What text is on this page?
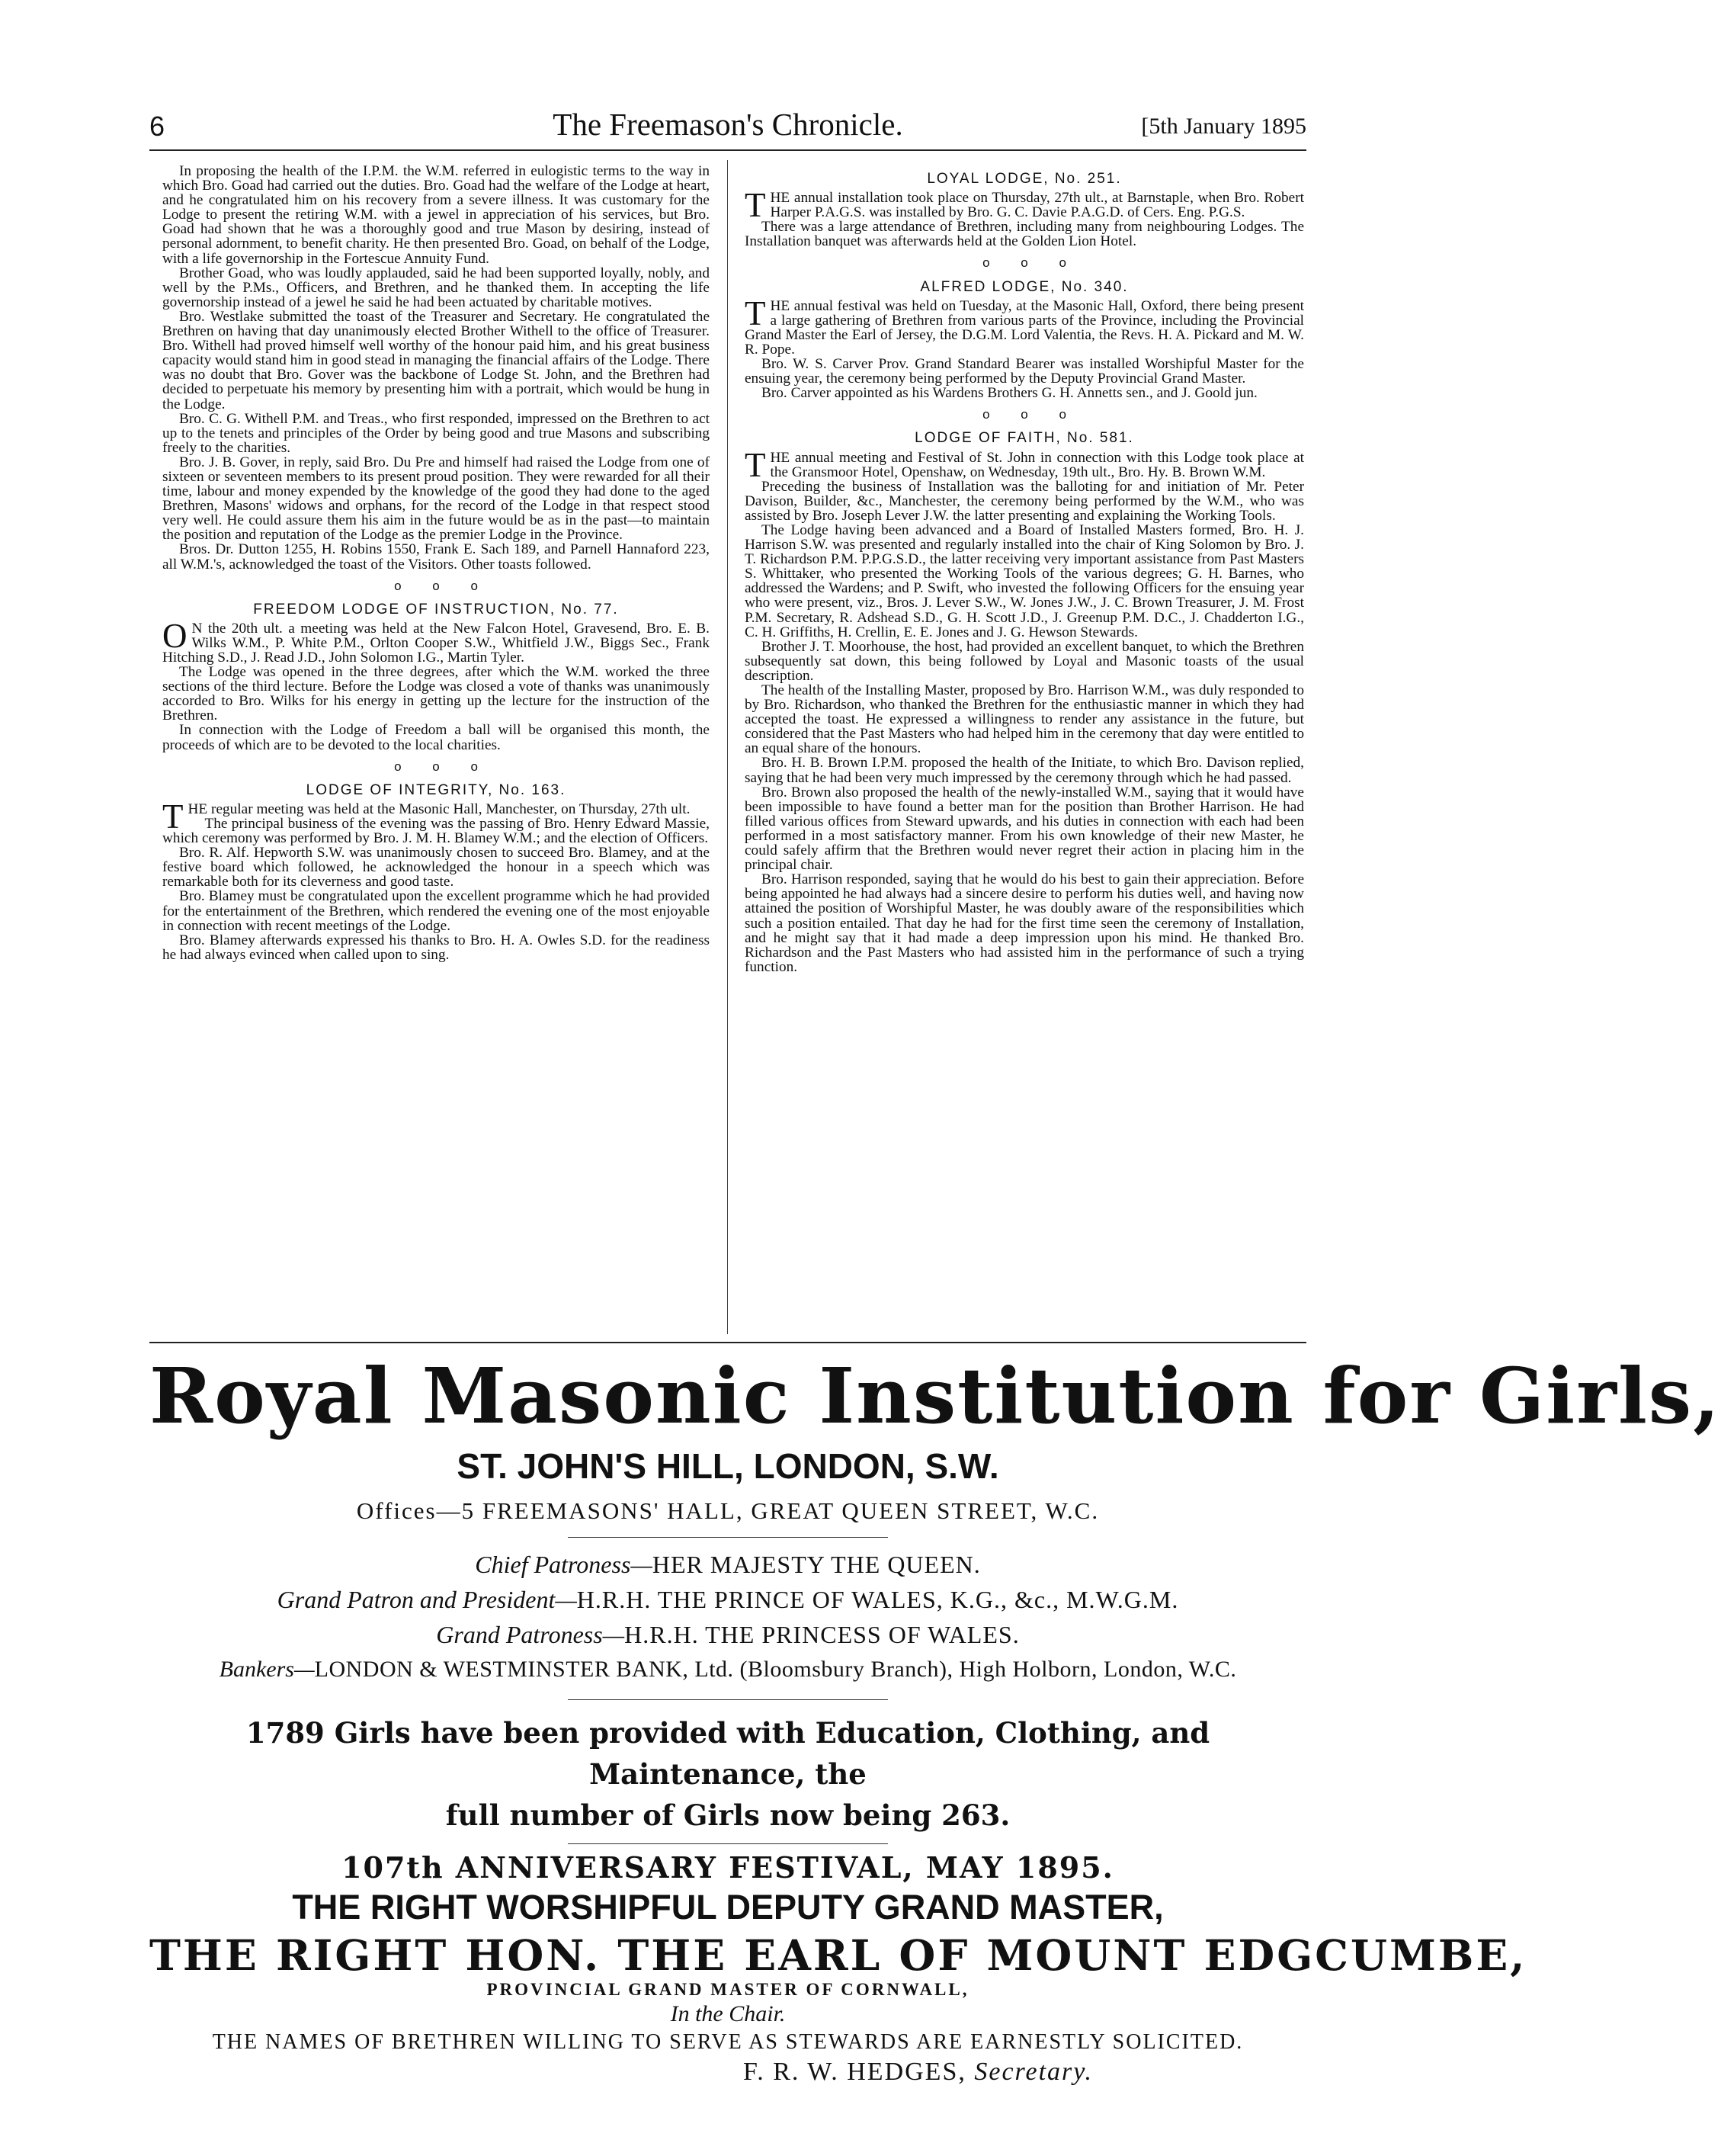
6	The Freemason's Chronicle.	[5th January 1895

In proposing the health of the I.P.M. the W.M. referred in eulogistic terms to the way in which Bro. Goad had carried out the duties. Bro. Goad had the welfare of the Lodge at heart, and he congratulated him on his recovery from a severe illness. It was customary for the Lodge to present the retiring W.M. with a jewel in appreciation of his services, but Bro. Goad had shown that he was a thoroughly good and true Mason by desiring, instead of personal adornment, to benefit charity. He then presented Bro. Goad, on behalf of the Lodge, with a life governorship in the Fortescue Annuity Fund.

Brother Goad, who was loudly applauded, said he had been supported loyally, nobly, and well by the P.Ms., Officers, and Brethren, and he thanked them. In accepting the life governorship instead of a jewel he said he had been actuated by charitable motives.

Bro. Westlake submitted the toast of the Treasurer and Secretary. He congratulated the Brethren on having that day unanimously elected Brother Withell to the office of Treasurer. Bro. Withell had proved himself well worthy of the honour paid him, and his great business capacity would stand him in good stead in managing the financial affairs of the Lodge. There was no doubt that Bro. Gover was the backbone of Lodge St. John, and the Brethren had decided to perpetuate his memory by presenting him with a portrait, which would be hung in the Lodge.

Bro. C. G. Withell P.M. and Treas., who first responded, impressed on the Brethren to act up to the tenets and principles of the Order by being good and true Masons and subscribing freely to the charities.

Bro. J. B. Gover, in reply, said Bro. Du Pre and himself had raised the Lodge from one of sixteen or seventeen members to its present proud position. They were rewarded for all their time, labour and money expended by the knowledge of the good they had done to the aged Brethren, Masons' widows and orphans, for the record of the Lodge in that respect stood very well. He could assure them his aim in the future would be as in the past—to maintain the position and reputation of the Lodge as the premier Lodge in the Province.

Bros. Dr. Dutton 1255, H. Robins 1550, Frank E. Sach 189, and Parnell Hannaford 223, all W.M.'s, acknowledged the toast of the Visitors. Other toasts followed.

o o o
FREEDOM LODGE OF INSTRUCTION, No. 77.

ON the 20th ult. a meeting was held at the New Falcon Hotel, Gravesend, Bro. E. B. Wilks W.M., P. White P.M., Orlton Cooper S.W., Whitfield J.W., Biggs Sec., Frank Hitching S.D., J. Read J.D., John Solomon I.G., Martin Tyler.

The Lodge was opened in the three degrees, after which the W.M. worked the three sections of the third lecture. Before the Lodge was closed a vote of thanks was unanimously accorded to Bro. Wilks for his energy in getting up the lecture for the instruction of the Brethren.

In connection with the Lodge of Freedom a ball will be organised this month, the proceeds of which are to be devoted to the local charities.

o o o
LODGE OF INTEGRITY, No. 163.

THE regular meeting was held at the Masonic Hall, Manchester, on Thursday, 27th ult.

The principal business of the evening was the passing of Bro. Henry Edward Massie, which ceremony was performed by Bro. J. M. H. Blamey W.M.; and the election of Officers.

Bro. R. Alf. Hepworth S.W. was unanimously chosen to succeed Bro. Blamey, and at the festive board which followed, he acknowledged the honour in a speech which was remarkable both for its cleverness and good taste.

Bro. Blamey must be congratulated upon the excellent programme which he had provided for the entertainment of the Brethren, which rendered the evening one of the most enjoyable in connection with recent meetings of the Lodge.

Bro. Blamey afterwards expressed his thanks to Bro. H. A. Owles S.D. for the readiness he had always evinced when called upon to sing.

LOYAL LODGE, No. 251.

THE annual installation took place on Thursday, 27th ult., at Barnstaple, when Bro. Robert Harper P.A.G.S. was installed by Bro. G. C. Davie P.A.G.D. of Cers. Eng. P.G.S.

There was a large attendance of Brethren, including many from neighbouring Lodges. The Installation banquet was afterwards held at the Golden Lion Hotel.

o o o
ALFRED LODGE, No. 340.

THE annual festival was held on Tuesday, at the Masonic Hall, Oxford, there being present a large gathering of Brethren from various parts of the Province, including the Provincial Grand Master the Earl of Jersey, the D.G.M. Lord Valentia, the Revs. H. A. Pickard and M. W. R. Pope.

Bro. W. S. Carver Prov. Grand Standard Bearer was installed Worshipful Master for the ensuing year, the ceremony being performed by the Deputy Provincial Grand Master.

Bro. Carver appointed as his Wardens Brothers G. H. Annetts sen., and J. Goold jun.

o o o
LODGE OF FAITH, No. 581.

THE annual meeting and Festival of St. John in connection with this Lodge took place at the Gransmoor Hotel, Openshaw, on Wednesday, 19th ult., Bro. Hy. B. Brown W.M.

Preceding the business of Installation was the balloting for and initiation of Mr. Peter Davison, Builder, &c., Manchester, the ceremony being performed by the W.M., who was assisted by Bro. Joseph Lever J.W. the latter presenting and explaining the Working Tools.

The Lodge having been advanced and a Board of Installed Masters formed, Bro. H. J. Harrison S.W. was presented and regularly installed into the chair of King Solomon by Bro. J. T. Richardson P.M. P.P.G.S.D., the latter receiving very important assistance from Past Masters S. Whittaker, who presented the Working Tools of the various degrees; G. H. Barnes, who addressed the Wardens; and P. Swift, who invested the following Officers for the ensuing year who were present, viz., Bros. J. Lever S.W., W. Jones J.W., J. C. Brown Treasurer, J. M. Frost P.M. Secretary, R. Adshead S.D., G. H. Scott J.D., J. Greenup P.M. D.C., J. Chadderton I.G., C. H. Griffiths, H. Crellin, E. E. Jones and J. G. Hewson Stewards.

Brother J. T. Moorhouse, the host, had provided an excellent banquet, to which the Brethren subsequently sat down, this being followed by Loyal and Masonic toasts of the usual description.

The health of the Installing Master, proposed by Bro. Harrison W.M., was duly responded to by Bro. Richardson, who thanked the Brethren for the enthusiastic manner in which they had accepted the toast. He expressed a willingness to render any assistance in the future, but considered that the Past Masters who had helped him in the ceremony that day were entitled to an equal share of the honours.

Bro. H. B. Brown I.P.M. proposed the health of the Initiate, to which Bro. Davison replied, saying that he had been very much impressed by the ceremony through which he had passed.

Bro. Brown also proposed the health of the newly-installed W.M., saying that it would have been impossible to have found a better man for the position than Brother Harrison. He had filled various offices from Steward upwards, and his duties in connection with each had been performed in a most satisfactory manner. From his own knowledge of their new Master, he could safely affirm that the Brethren would never regret their action in placing him in the principal chair.

Bro. Harrison responded, saying that he would do his best to gain their appreciation. Before being appointed he had always had a sincere desire to perform his duties well, and having now attained the position of Worshipful Master, he was doubly aware of the responsibilities which such a position entailed. That day he had for the first time seen the ceremony of Installation, and he might say that it had made a deep impression upon his mind. He thanked Bro. Richardson and the Past Masters who had assisted him in the performance of such a trying function.

Royal Masonic Institution for Girls,
ST. JOHN'S HILL, LONDON, S.W.
Offices—5 FREEMASONS' HALL, GREAT QUEEN STREET, W.C.
Chief Patroness—HER MAJESTY THE QUEEN.
Grand Patron and President—H.R.H. THE PRINCE OF WALES, K.G., &c., M.W.G.M.
Grand Patroness—H.R.H. THE PRINCESS OF WALES.
Bankers—LONDON & WESTMINSTER BANK, Ltd. (Bloomsbury Branch), High Holborn, London, W.C.
1789 Girls have been provided with Education, Clothing, and Maintenance, the
full number of Girls now being 263.
107th ANNIVERSARY FESTIVAL, MAY 1895.
THE RIGHT WORSHIPFUL DEPUTY GRAND MASTER,
THE RIGHT HON. THE EARL OF MOUNT EDGCUMBE,
PROVINCIAL GRAND MASTER OF CORNWALL,
In the Chair.
THE NAMES OF BRETHREN WILLING TO SERVE AS STEWARDS ARE EARNESTLY SOLICITED.
F. R. W. HEDGES, Secretary.
